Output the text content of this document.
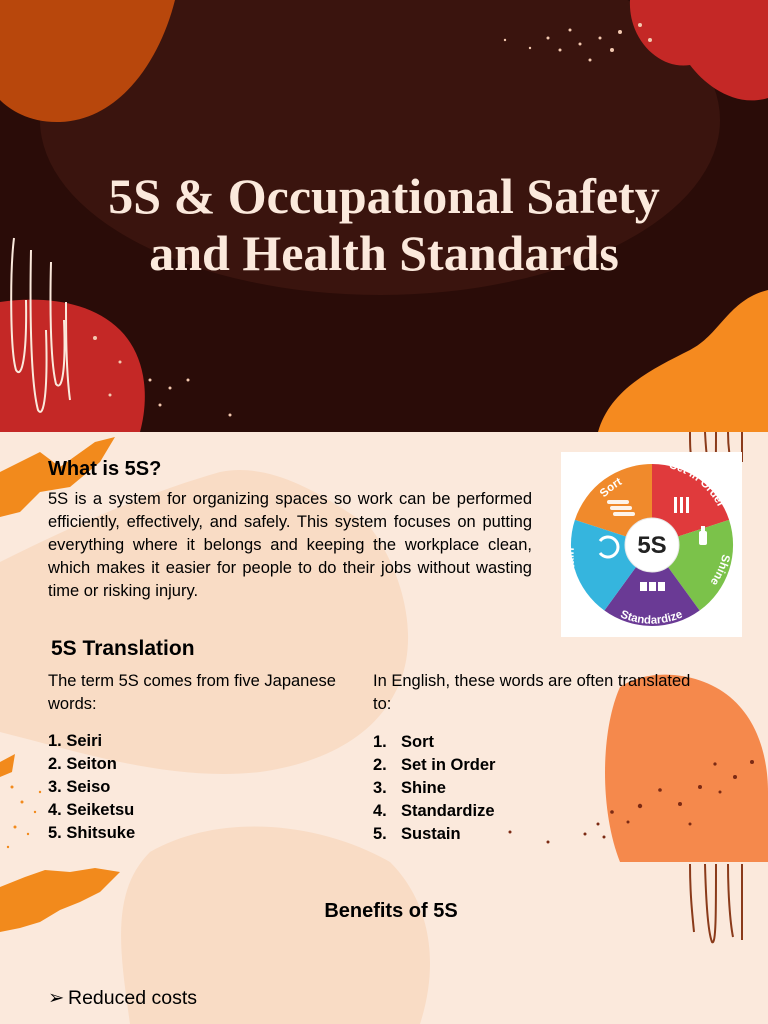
5S & Occupational Safety
and Health Standards
What is 5S?
5S is a system for organizing spaces so work can be performed efficiently, effectively, and safely. This system focuses on putting everything where it belongs and keeping the workplace clean, which makes it easier for people to do their jobs without wasting time or risking injury.
5S
Sort
Set in Order
Shine
Standardize
Sustain
5S Translation
The term 5S comes from five Japanese words:
In English, these words are often translated to:
1. Seiri
2. Seiton
3. Seiso
4. Seiketsu
5. Shitsuke
1. Sort
2. Set in Order
3. Shine
4. Standardize
5. Sustain
Benefits of 5S
➢ Reduced costs
